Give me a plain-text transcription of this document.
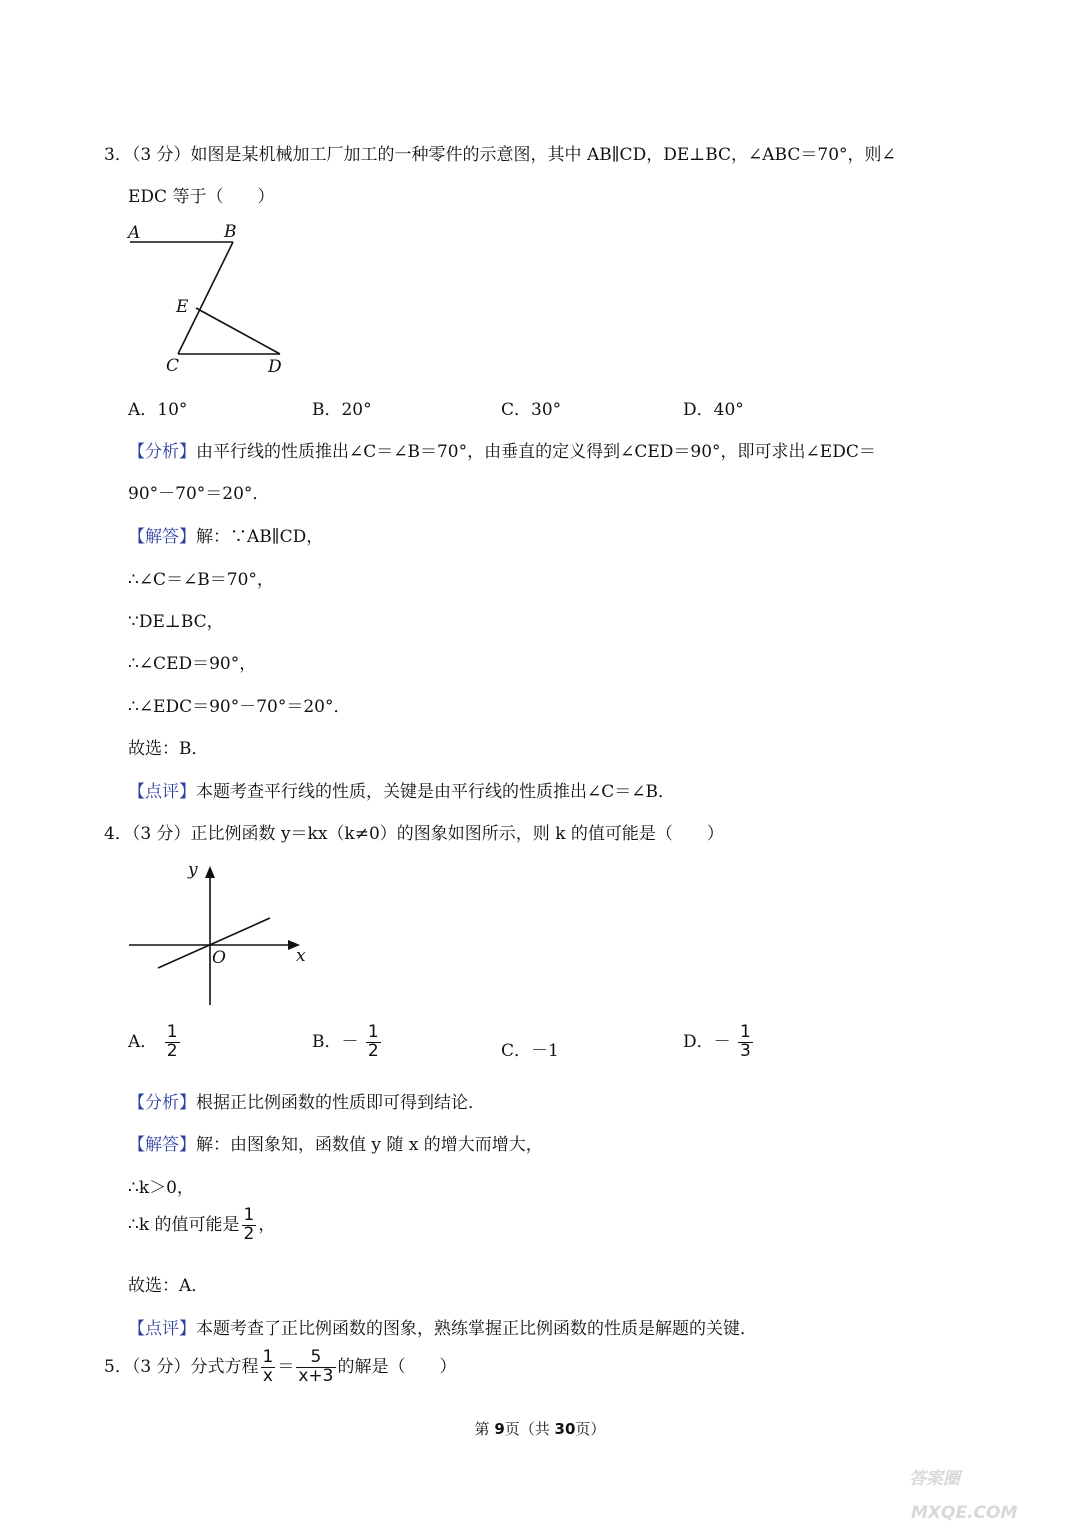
3．（3 分）如图是某机械加工厂加工的一种零件的示意图，其中 AB∥CD，DE⊥BC，∠ABC＝70°，则∠
EDC 等于（　　）
A	B
E
C	D
A．10°	B．20°	C．30°	D．40°
【分析】由平行线的性质推出∠C＝∠B＝70°，由垂直的定义得到∠CED＝90°，即可求出∠EDC＝
90°－70°＝20°．
【解答】解：∵AB∥CD，
∴∠C＝∠B＝70°，
∵DE⊥BC，
∴∠CED＝90°，
∴∠EDC＝90°－70°＝20°．
故选：B．
【点评】本题考查平行线的性质，关键是由平行线的性质推出∠C＝∠B．
4．（3 分）正比例函数 y＝kx（k≠0）的图象如图所示，则 k 的值可能是（　　）
y
x
O
A． $\frac{1}{2}$	B．－ $\frac{1}{2}$	C．－1	D．－ $\frac{1}{3}$
【分析】根据正比例函数的性质即可得到结论．
【解答】解：由图象知，函数值 y 随 x 的增大而增大，
∴k＞0，
∴k 的值可能是 $\frac{1}{2}$ ，
故选：A．
【点评】本题考查了正比例函数的图象，熟练掌握正比例函数的性质是解题的关键．
5．（3 分）分式方程 $\frac{1}{x} = \frac{5}{x+3}$ 的解是（　　）
第 9页（共 30页）
答案圈
MXQE.COM
